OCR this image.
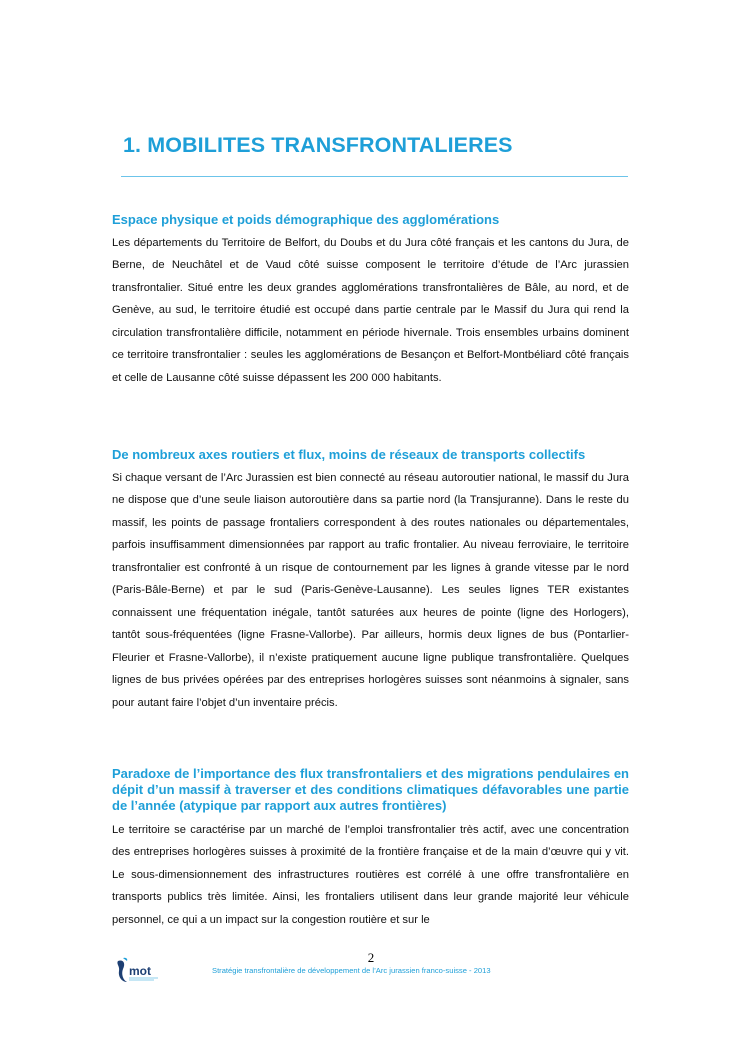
1. MOBILITES TRANSFRONTALIERES
Espace physique et poids démographique des agglomérations

Les départements du Territoire de Belfort, du Doubs et du Jura côté français et les cantons du Jura, de Berne, de Neuchâtel et de Vaud côté suisse composent le territoire d’étude de l’Arc jurassien transfrontalier. Situé entre les deux grandes agglomérations transfrontalières de Bâle, au nord, et de Genève, au sud, le territoire étudié est occupé dans partie centrale par le Massif du Jura qui rend la circulation transfrontalière difficile, notamment en période hivernale. Trois ensembles urbains dominent ce territoire transfrontalier : seules les agglomérations de Besançon et Belfort-Montbéliard côté français et celle de Lausanne côté suisse dépassent les 200 000 habitants.

De nombreux axes routiers et flux, moins de réseaux de transports collectifs

Si chaque versant de l’Arc Jurassien est bien connecté au réseau autoroutier national, le massif du Jura ne dispose que d’une seule liaison autoroutière dans sa partie nord (la Transjuranne). Dans le reste du massif, les points de passage frontaliers correspondent à des routes nationales ou départementales, parfois insuffisamment dimensionnées par rapport au trafic frontalier. Au niveau ferroviaire, le territoire transfrontalier est confronté à un risque de contournement par les lignes à grande vitesse par le nord (Paris-Bâle-Berne) et par le sud (Paris-Genève-Lausanne). Les seules lignes TER existantes connaissent une fréquentation inégale, tantôt saturées aux heures de pointe (ligne des Horlogers), tantôt sous-fréquentées (ligne Frasne-Vallorbe). Par ailleurs, hormis deux lignes de bus (Pontarlier-Fleurier et Frasne-Vallorbe), il n’existe pratiquement aucune ligne publique transfrontalière. Quelques lignes de bus privées opérées par des entreprises horlogères suisses sont néanmoins à signaler, sans pour autant faire l’objet d’un inventaire précis.

Paradoxe de l’importance des flux transfrontaliers et des migrations pendulaires en dépit d’un massif à traverser et des conditions climatiques défavorables une partie de l’année (atypique par rapport aux autres frontières)

Le territoire se caractérise par un marché de l’emploi transfrontalier très actif, avec une concentration des entreprises horlogères suisses à proximité de la frontière française et de la main d’œuvre qui y vit. Le sous-dimensionnement des infrastructures routières est corrélé à une offre transfrontalière en transports publics très limitée. Ainsi, les frontaliers utilisent dans leur grande majorité leur véhicule personnel, ce qui a un impact sur la congestion routière et sur le

2
mot	Stratégie transfrontalière de développement de l’Arc jurassien franco-suisse - 2013
